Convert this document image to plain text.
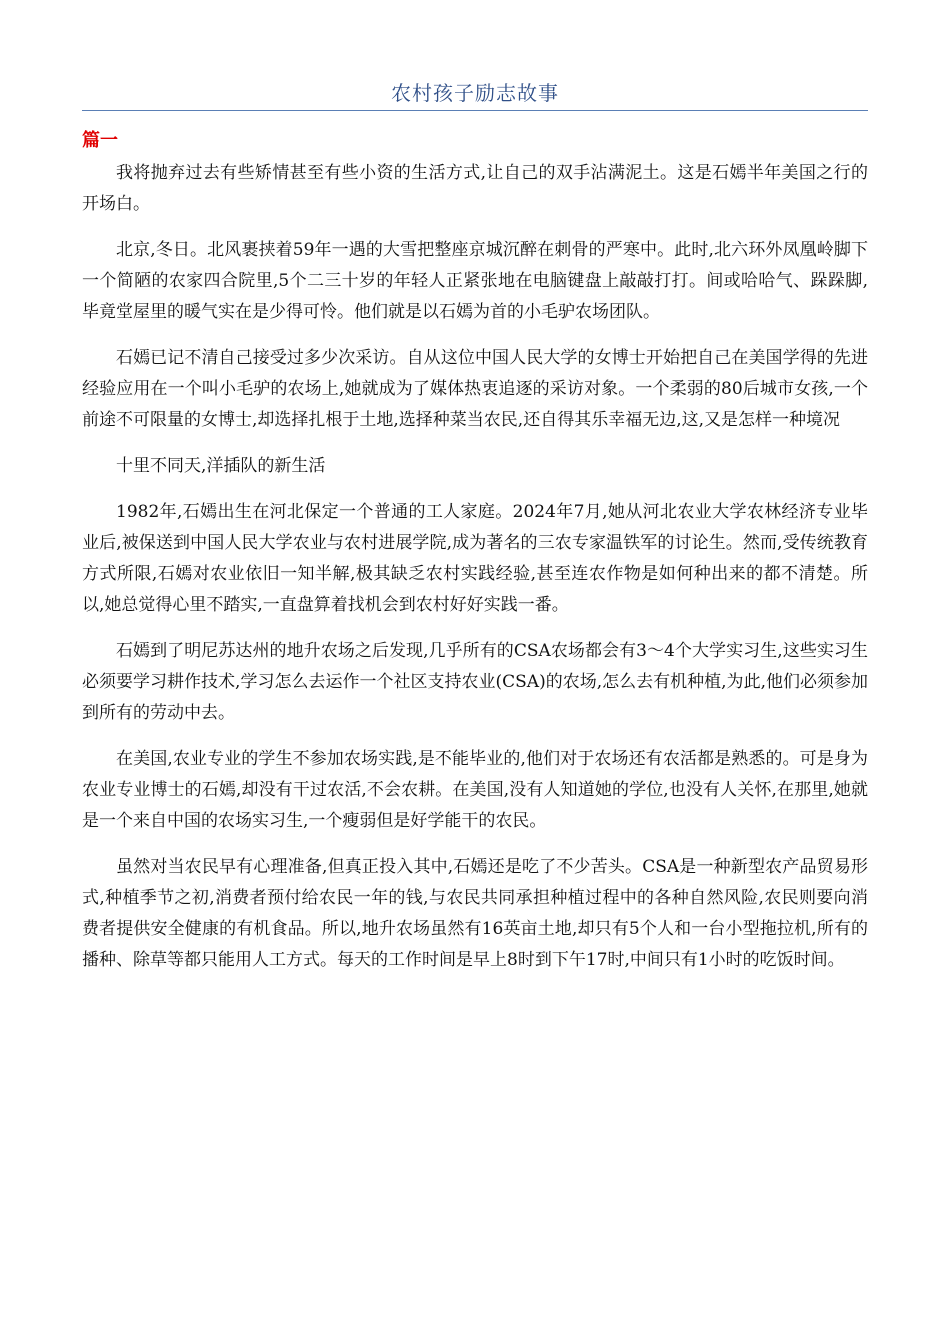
农村孩子励志故事
篇一

我将抛弃过去有些矫情甚至有些小资的生活方式,让自己的双手沾满泥土。这是石嫣半年美国之行的开场白。

北京,冬日。北风裹挟着59年一遇的大雪把整座京城沉醉在刺骨的严寒中。此时,北六环外凤凰岭脚下一个简陋的农家四合院里,5个二三十岁的年轻人正紧张地在电脑键盘上敲敲打打。间或哈哈气、跺跺脚,毕竟堂屋里的暖气实在是少得可怜。他们就是以石嫣为首的小毛驴农场团队。

石嫣已记不清自己接受过多少次采访。自从这位中国人民大学的女博士开始把自己在美国学得的先进经验应用在一个叫小毛驴的农场上,她就成为了媒体热衷追逐的采访对象。一个柔弱的80后城市女孩,一个前途不可限量的女博士,却选择扎根于土地,选择种菜当农民,还自得其乐幸福无边,这,又是怎样一种境况

十里不同天,洋插队的新生活

1982年,石嫣出生在河北保定一个普通的工人家庭。2024年7月,她从河北农业大学农林经济专业毕业后,被保送到中国人民大学农业与农村进展学院,成为著名的三农专家温铁军的讨论生。然而,受传统教育方式所限,石嫣对农业依旧一知半解,极其缺乏农村实践经验,甚至连农作物是如何种出来的都不清楚。所以,她总觉得心里不踏实,一直盘算着找机会到农村好好实践一番。

石嫣到了明尼苏达州的地升农场之后发现,几乎所有的CSA农场都会有3～4个大学实习生,这些实习生必须要学习耕作技术,学习怎么去运作一个社区支持农业(CSA)的农场,怎么去有机种植,为此,他们必须参加到所有的劳动中去。

在美国,农业专业的学生不参加农场实践,是不能毕业的,他们对于农场还有农活都是熟悉的。可是身为农业专业博士的石嫣,却没有干过农活,不会农耕。在美国,没有人知道她的学位,也没有人关怀,在那里,她就是一个来自中国的农场实习生,一个瘦弱但是好学能干的农民。

虽然对当农民早有心理准备,但真正投入其中,石嫣还是吃了不少苦头。CSA是一种新型农产品贸易形式,种植季节之初,消费者预付给农民一年的钱,与农民共同承担种植过程中的各种自然风险,农民则要向消费者提供安全健康的有机食品。所以,地升农场虽然有16英亩土地,却只有5个人和一台小型拖拉机,所有的播种、除草等都只能用人工方式。每天的工作时间是早上8时到下午17时,中间只有1小时的吃饭时间。
